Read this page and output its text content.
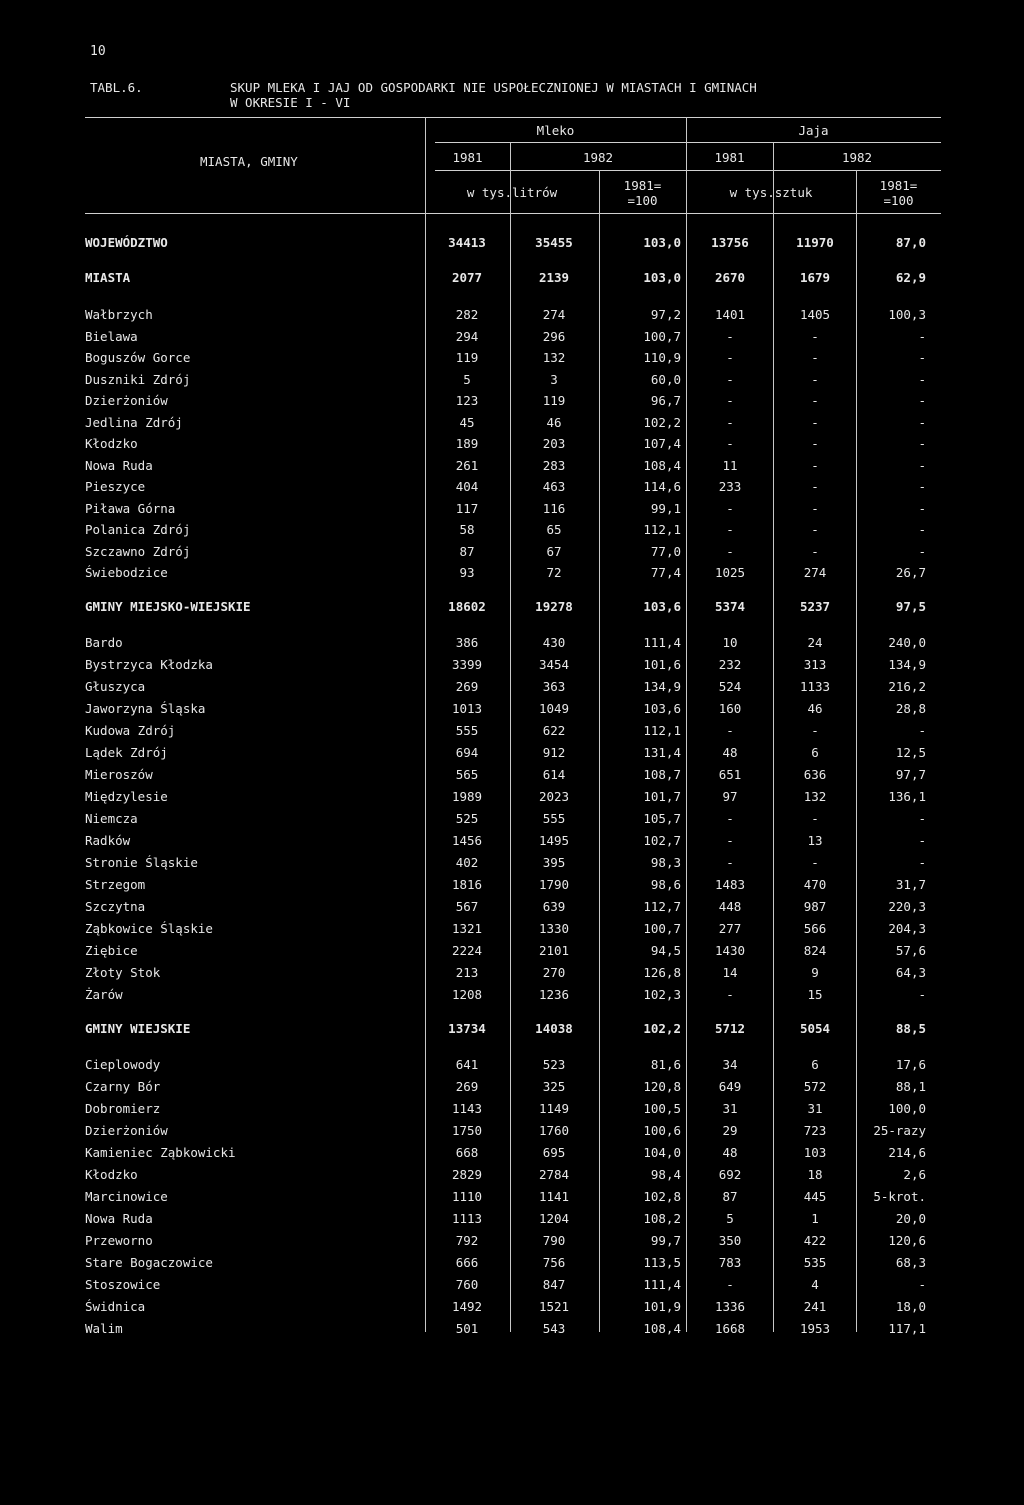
10
TABL.6.	SKUP MLEKA I JAJ OD GOSPODARKI NIE USPOŁECZNIONEJ W MIASTACH I GMINACH
W OKRESIE I - VI
MIASTA, GMINY
Mleko	Jaja
1981	1982	1981	1982
w tys.litrów	1981=
=100
w tys.sztuk	1981=
=100
WOJEWÓDZTWO	34413	35455	103,0	13756	11970	87,0
MIASTA	2077	2139	103,0	2670	1679	62,9
Wałbrzych	282	274	97,2	1401	1405	100,3
Bielawa	294	296	100,7	-	-	-
Boguszów Gorce	119	132	110,9	-	-	-
Duszniki Zdrój	5	3	60,0	-	-	-
Dzierżoniów	123	119	96,7	-	-	-
Jedlina Zdrój	45	46	102,2	-	-	-
Kłodzko	189	203	107,4	-	-	-
Nowa Ruda	261	283	108,4	11	-	-
Pieszyce	404	463	114,6	233	-	-
Piława Górna	117	116	99,1	-	-	-
Polanica Zdrój	58	65	112,1	-	-	-
Szczawno Zdrój	87	67	77,0	-	-	-
Świebodzice	93	72	77,4	1025	274	26,7
GMINY MIEJSKO-WIEJSKIE	18602	19278	103,6	5374	5237	97,5
Bardo	386	430	111,4	10	24	240,0
Bystrzyca Kłodzka	3399	3454	101,6	232	313	134,9
Głuszyca	269	363	134,9	524	1133	216,2
Jaworzyna Śląska	1013	1049	103,6	160	46	28,8
Kudowa Zdrój	555	622	112,1	-	-	-
Lądek Zdrój	694	912	131,4	48	6	12,5
Mieroszów	565	614	108,7	651	636	97,7
Międzylesie	1989	2023	101,7	97	132	136,1
Niemcza	525	555	105,7	-	-	-
Radków	1456	1495	102,7	-	13	-
Stronie Śląskie	402	395	98,3	-	-	-
Strzegom	1816	1790	98,6	1483	470	31,7
Szczytna	567	639	112,7	448	987	220,3
Ząbkowice Śląskie	1321	1330	100,7	277	566	204,3
Ziębice	2224	2101	94,5	1430	824	57,6
Złoty Stok	213	270	126,8	14	9	64,3
Żarów	1208	1236	102,3	-	15	-
GMINY WIEJSKIE	13734	14038	102,2	5712	5054	88,5
Cieplowody	641	523	81,6	34	6	17,6
Czarny Bór	269	325	120,8	649	572	88,1
Dobromierz	1143	1149	100,5	31	31	100,0
Dzierżoniów	1750	1760	100,6	29	723	25-razy
Kamieniec Ząbkowicki	668	695	104,0	48	103	214,6
Kłodzko	2829	2784	98,4	692	18	2,6
Marcinowice	1110	1141	102,8	87	445	5-krot.
Nowa Ruda	1113	1204	108,2	5	1	20,0
Przeworno	792	790	99,7	350	422	120,6
Stare Bogaczowice	666	756	113,5	783	535	68,3
Stoszowice	760	847	111,4	-	4	-
Świdnica	1492	1521	101,9	1336	241	18,0
Walim	501	543	108,4	1668	1953	117,1
